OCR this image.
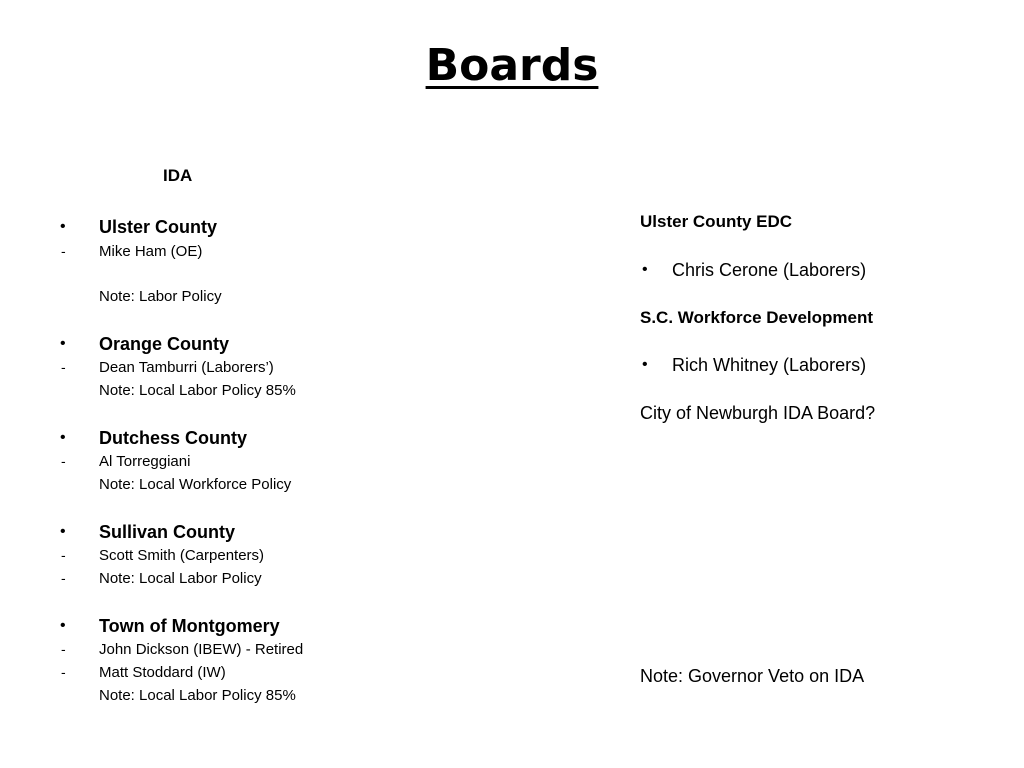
Boards
IDA
• Ulster County
- Mike Ham (OE)
Note: Labor Policy
• Orange County
- Dean Tamburri (Laborers’)
Note: Local Labor Policy 85%
• Dutchess County
- Al Torreggiani
Note: Local Workforce Policy
• Sullivan County
- Scott Smith (Carpenters)
- Note: Local Labor Policy
• Town of Montgomery
- John Dickson (IBEW) - Retired
- Matt Stoddard (IW)
Note: Local Labor Policy 85%
Ulster County EDC
• Chris Cerone (Laborers)
S.C. Workforce Development
• Rich Whitney (Laborers)
City of Newburgh IDA Board?
Note: Governor Veto on IDA
